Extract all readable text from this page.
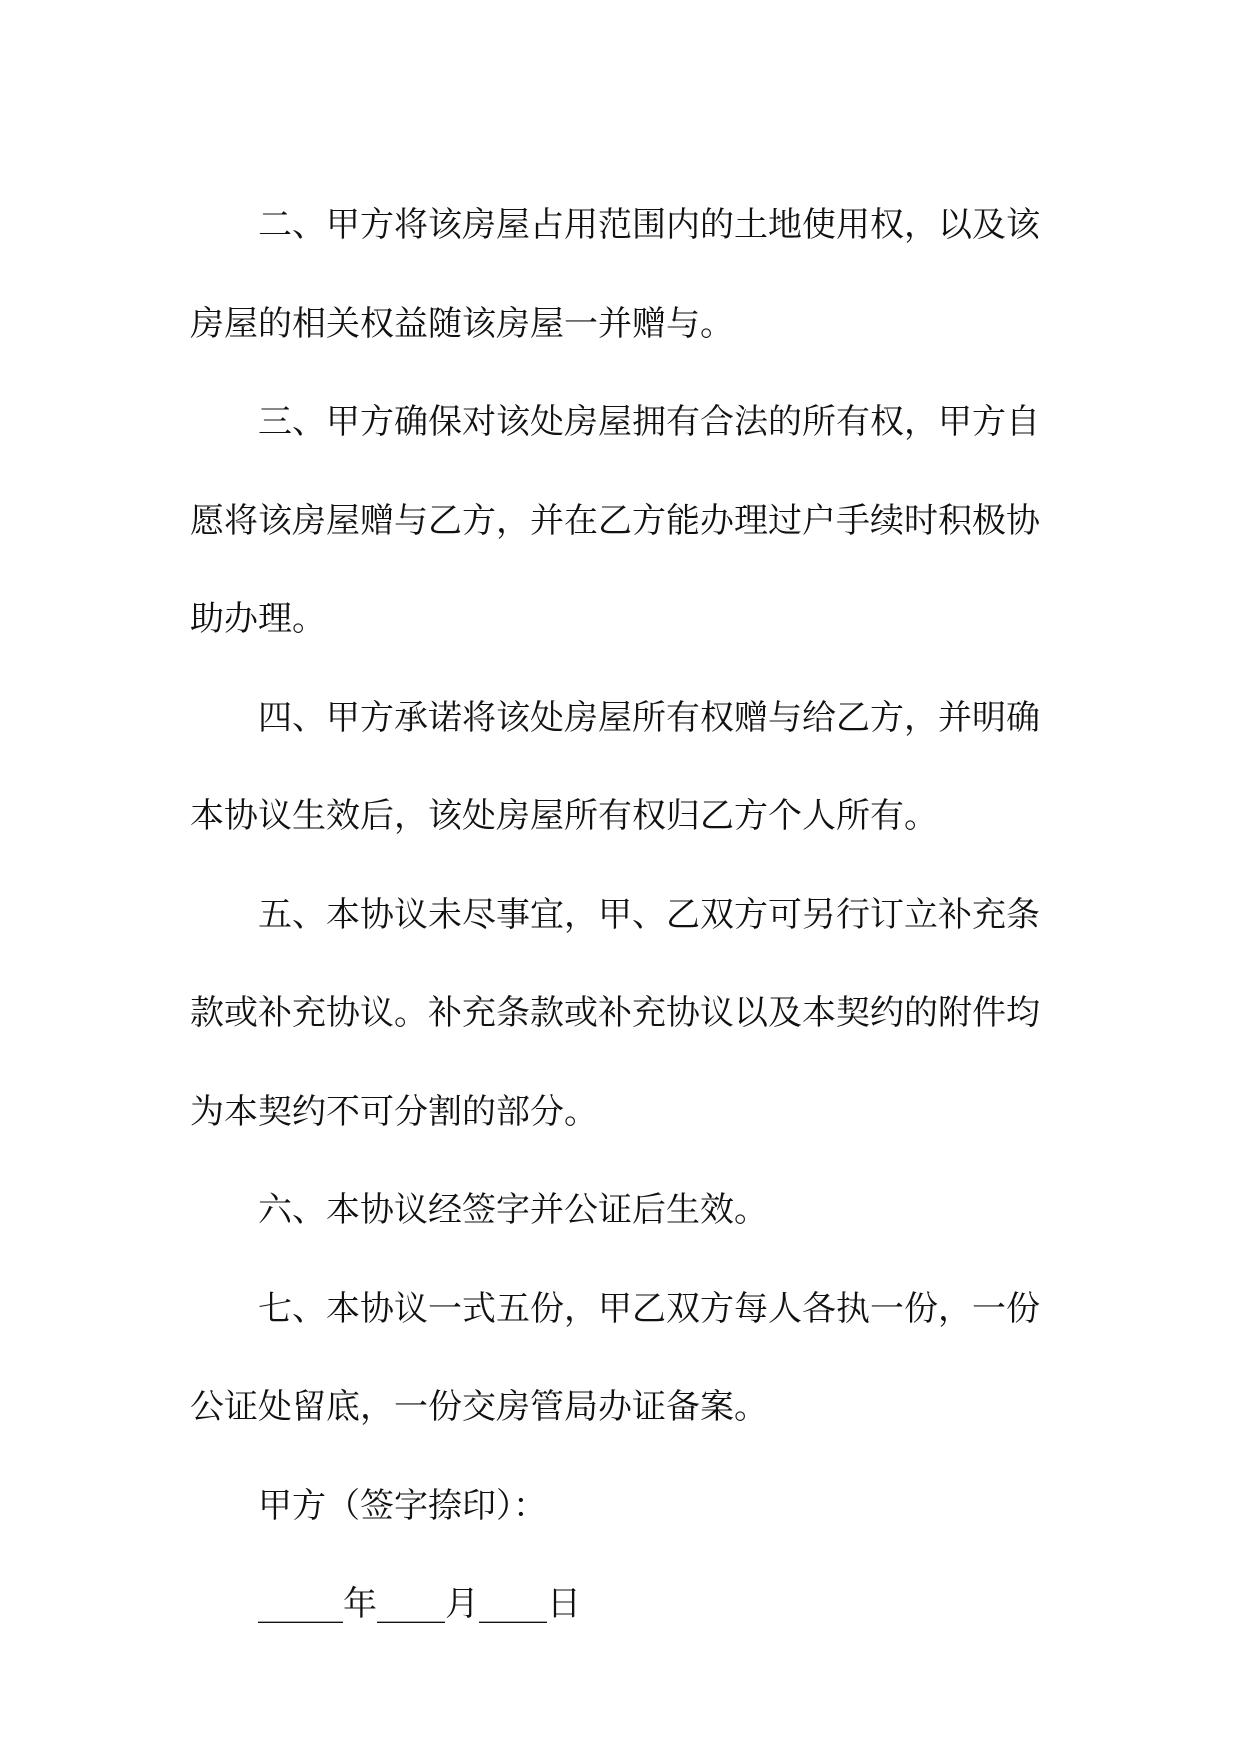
二、甲方将该房屋占用范围内的土地使用权，以及该
房屋的相关权益随该房屋一并赠与。
三、甲方确保对该处房屋拥有合法的所有权，甲方自
愿将该房屋赠与乙方，并在乙方能办理过户手续时积极协
助办理。
四、甲方承诺将该处房屋所有权赠与给乙方，并明确
本协议生效后，该处房屋所有权归乙方个人所有。
五、本协议未尽事宜，甲、乙双方可另行订立补充条
款或补充协议。补充条款或补充协议以及本契约的附件均
为本契约不可分割的部分。
六、本协议经签字并公证后生效。
七、本协议一式五份，甲乙双方每人各执一份，一份
公证处留底，一份交房管局办证备案。
甲方（签字捺印）：
_____年____月____日
